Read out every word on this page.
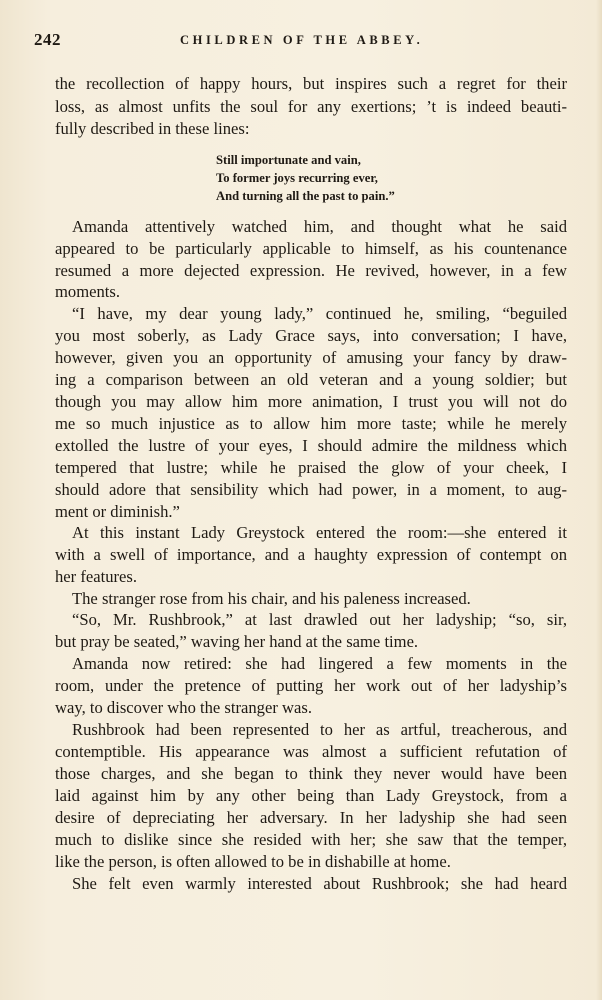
242	CHILDREN OF THE ABBEY.
the recollection of happy hours, but inspires such a regret for their
loss, as almost unfits the soul for any exertions; ’t is indeed beauti-
fully described in these lines:
Still importunate and vain,
To former joys recurring ever,
And turning all the past to pain.”
Amanda attentively watched him, and thought what he said
appeared to be particularly applicable to himself, as his countenance
resumed a more dejected expression. He revived, however, in a few
moments.
“I have, my dear young lady,” continued he, smiling, “beguiled
you most soberly, as Lady Grace says, into conversation; I have,
however, given you an opportunity of amusing your fancy by draw-
ing a comparison between an old veteran and a young soldier; but
though you may allow him more animation, I trust you will not do
me so much injustice as to allow him more taste; while he merely
extolled the lustre of your eyes, I should admire the mildness which
tempered that lustre; while he praised the glow of your cheek, I
should adore that sensibility which had power, in a moment, to aug-
ment or diminish.”
At this instant Lady Greystock entered the room:—she entered it
with a swell of importance, and a haughty expression of contempt on
her features.
The stranger rose from his chair, and his paleness increased.
“So, Mr. Rushbrook,” at last drawled out her ladyship; “so, sir,
but pray be seated,” waving her hand at the same time.
Amanda now retired: she had lingered a few moments in the
room, under the pretence of putting her work out of her ladyship’s
way, to discover who the stranger was.
Rushbrook had been represented to her as artful, treacherous, and
contemptible. His appearance was almost a sufficient refutation of
those charges, and she began to think they never would have been
laid against him by any other being than Lady Greystock, from a
desire of depreciating her adversary. In her ladyship she had seen
much to dislike since she resided with her; she saw that the temper,
like the person, is often allowed to be in dishabille at home.
She felt even warmly interested about Rushbrook; she had heard
